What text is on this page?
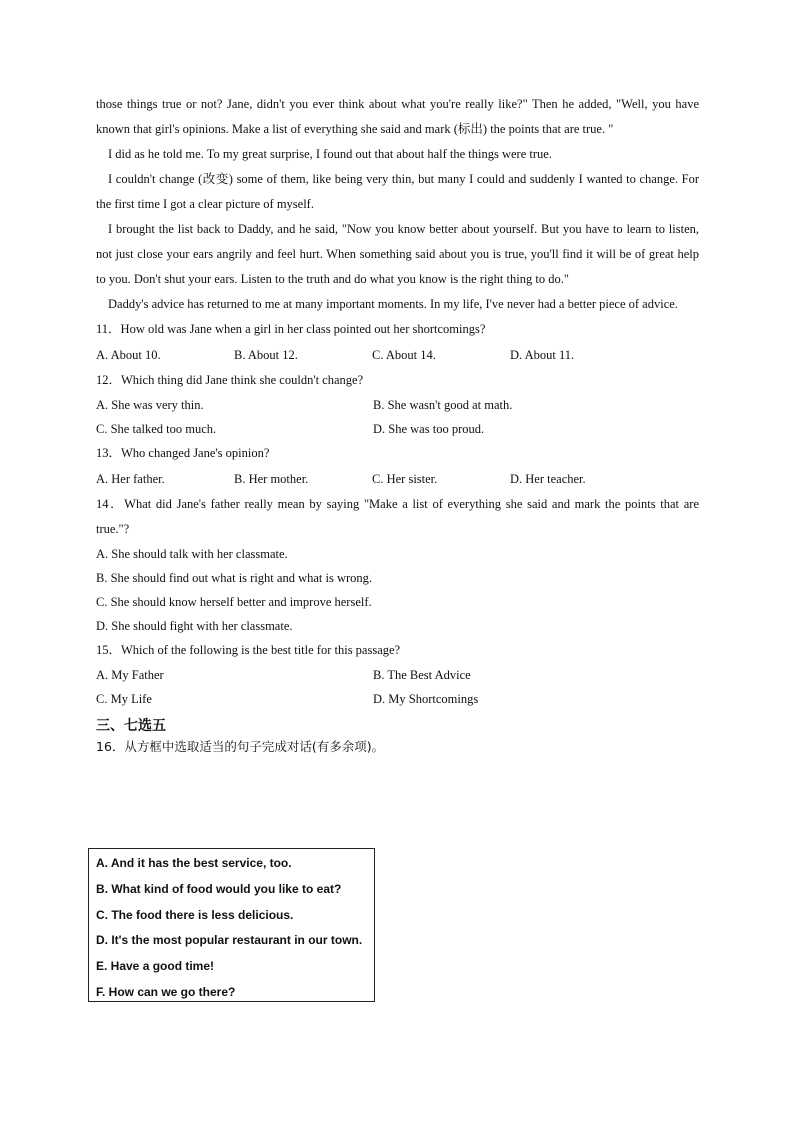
those things true or not? Jane, didn't you ever think about what you're really like?" Then he added, "Well, you have known that girl's opinions. Make a list of everything she said and mark (标出) the points that are true. "

I did as he told me. To my great surprise, I found out that about half the things were true.

I couldn't change (改变) some of them, like being very thin, but many I could and suddenly I wanted to change. For the first time I got a clear picture of myself.

I brought the list back to Daddy, and he said, "Now you know better about yourself. But you have to learn to listen, not just close your ears angrily and feel hurt. When something said about you is true, you'll find it will be of great help to you. Don't shut your ears. Listen to the truth and do what you know is the right thing to do."

Daddy's advice has returned to me at many important moments. In my life, I've never had a better piece of advice.

11．How old was Jane when a girl in her class pointed out her shortcomings?

A. About 10.	B. About 12.	C. About 14.	D. About 11.

12．Which thing did Jane think she couldn't change?

A. She was very thin.	B. She wasn't good at math.
C. She talked too much.	D. She was too proud.

13．Who changed Jane's opinion?

A. Her father.	B. Her mother.	C. Her sister.	D. Her teacher.

14．What did Jane's father really mean by saying "Make a list of everything she said and mark the points that are true."?

A. She should talk with her classmate.
B. She should find out what is right and what is wrong.
C. She should know herself better and improve herself.
D. She should fight with her classmate.

15．Which of the following is the best title for this passage?

A. My Father	B. The Best Advice
C. My Life	D. My Shortcomings
三、七选五
16．从方框中选取适当的句子完成对话(有多余项)。
A. And it has the best service, too.
B. What kind of food would you like to eat?
C. The food there is less delicious.
D. It's the most popular restaurant in our town.
E. Have a good time!
F. How can we go there?
